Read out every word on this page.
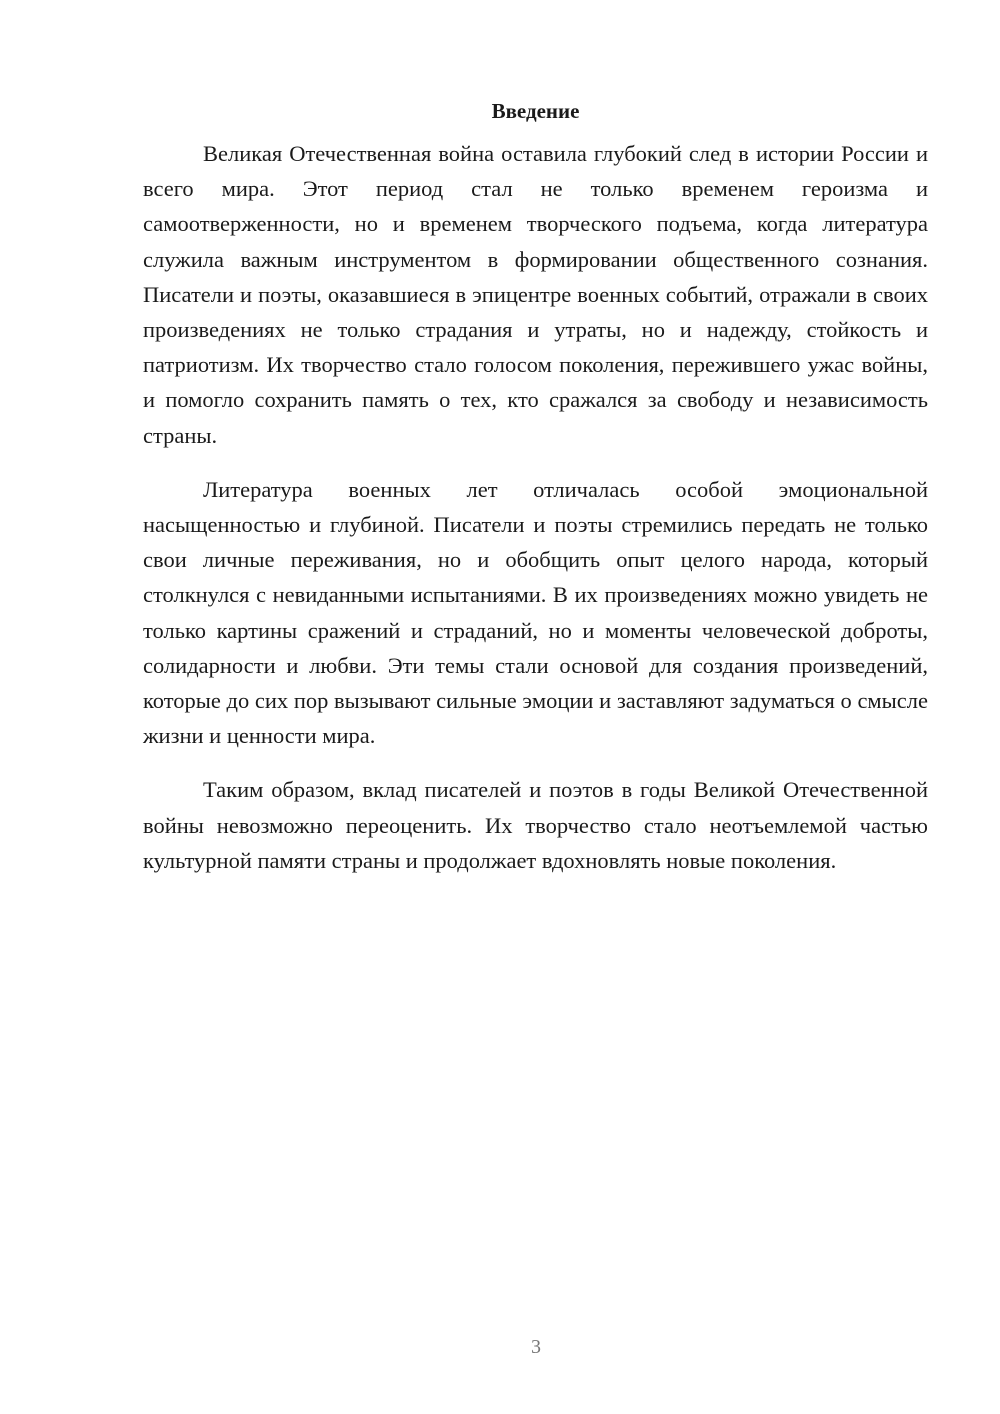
Введение

Великая Отечественная война оставила глубокий след в истории России и всего мира. Этот период стал не только временем героизма и самоотверженности, но и временем творческого подъема, когда литература служила важным инструментом в формировании общественного сознания. Писатели и поэты, оказавшиеся в эпицентре военных событий, отражали в своих произведениях не только страдания и утраты, но и надежду, стойкость и патриотизм. Их творчество стало голосом поколения, пережившего ужас войны, и помогло сохранить память о тех, кто сражался за свободу и независимость страны.

Литература военных лет отличалась особой эмоциональной насыщенностью и глубиной. Писатели и поэты стремились передать не только свои личные переживания, но и обобщить опыт целого народа, который столкнулся с невиданными испытаниями. В их произведениях можно увидеть не только картины сражений и страданий, но и моменты человеческой доброты, солидарности и любви. Эти темы стали основой для создания произведений, которые до сих пор вызывают сильные эмоции и заставляют задуматься о смысле жизни и ценности мира.

Таким образом, вклад писателей и поэтов в годы Великой Отечественной войны невозможно переоценить. Их творчество стало неотъемлемой частью культурной памяти страны и продолжает вдохновлять новые поколения.

3
